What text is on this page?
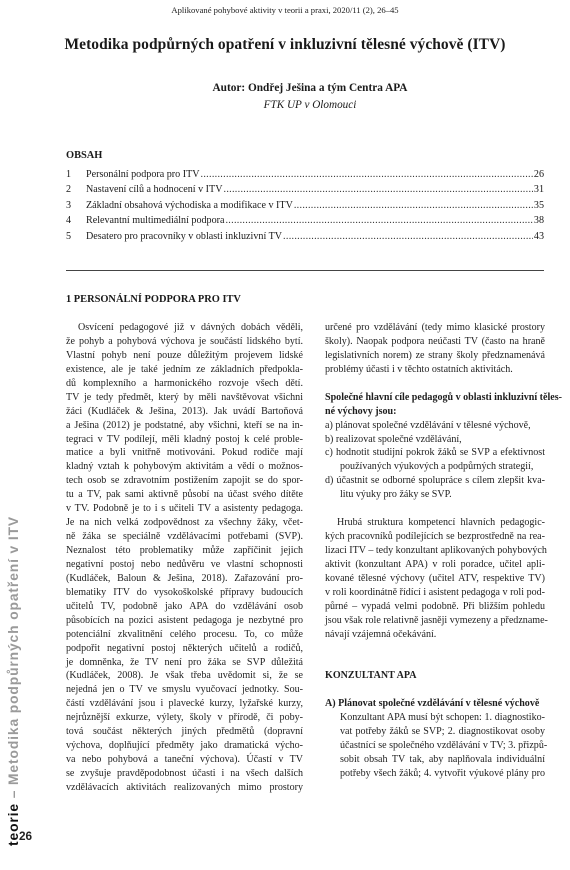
Aplikované pohybové aktivity v teorii a praxi, 2020/11 (2), 26–45
Metodika podpůrných opatření v inkluzivní tělesné výchově (ITV)
Autor: Ondřej Ješina a tým Centra APA
FTK UP v Olomouci
OBSAH
1	Personální podpora pro ITV .....	26
2	Nastavení cílů a hodnocení v ITV .....	31
3	Základní obsahová východiska a modifikace v ITV .....	35
4	Relevantní multimediální podpora .....	38
5	Desatero pro pracovníky v oblasti inkluzivní TV .....	43
1 PERSONÁLNÍ PODPORA PRO ITV
Osvícení pedagogové již v dávných dobách věděli,
že pohyb a pohybová výchova je součástí lidského bytí.
Vlastní pohyb není pouze důležitým projevem lidské
existence, ale je také jedním ze základních předpokla-
dů komplexního a harmonického rozvoje všech dětí.
TV je tedy předmět, který by měli navštěvovat všichni
žáci (Kudláček & Ješina, 2013). Jak uvádí Bartoňová
a Ješina (2012) je podstatné, aby všichni, kteří se na in-
tegraci v TV podílejí, měli kladný postoj k celé proble-
matice a byli vnitřně motivováni. Pokud rodiče mají
kladný vztah k pohybovým aktivitám a vědí o možnos-
tech osob se zdravotním postižením zapojit se do spor-
tu a TV, pak sami aktivně působí na účast svého dítěte
v TV. Podobně je to i s učiteli TV a asistenty pedagoga.
Je na nich velká zodpovědnost za všechny žáky, včet-
ně žáka se speciálně vzdělávacími potřebami (SVP).
Neznalost této problematiky může zapříčinit jejich
negativní postoj nebo nedůvěru ve vlastní schopnosti
(Kudláček, Baloun & Ješina, 2018). Zařazování pro-
blematiky ITV do vysokoškolské přípravy budoucích
učitelů TV, podobně jako APA do vzdělávání osob
působících na pozici asistent pedagoga je nezbytné pro
potenciální zkvalitnění celého procesu. To, co může
podpořit negativní postoj některých učitelů a rodičů,
je domněnka, že TV není pro žáka se SVP důležitá
(Kudláček, 2008). Je však třeba uvědomit si, že se
nejedná jen o TV ve smyslu vyučovací jednotky. Sou-
částí vzdělávání jsou i plavecké kurzy, lyžařské kurzy,
nejrůznější exkurze, výlety, školy v přírodě, či poby-
tová součást některých jiných předmětů (dopravní
výchova, doplňující předměty jako dramatická výcho-
va nebo pohybová a taneční výchova). Účastí v TV
se zvyšuje pravděpodobnost účasti i na všech dalších
vzdělávacích aktivitách realizovaných mimo prostory
určené pro vzdělávání (tedy mimo klasické prostory
školy). Naopak podpora neúčasti TV (často na hraně
legislativních norem) ze strany školy předznamenává
problémy účasti i v těchto ostatních aktivitách.
Společné hlavní cíle pedagogů v oblasti inkluzivní těles-
né výchovy jsou:
a) plánovat společné vzdělávání v tělesné výchově,
b) realizovat společné vzdělávání,
c) hodnotit studijní pokrok žáků se SVP a efektivnost
používaných výukových a podpůrných strategií,
d) účastnit se odborné spolupráce s cílem zlepšit kva-
litu výuky pro žáky se SVP.
Hrubá struktura kompetencí hlavních pedagogic-
kých pracovníků podílejících se bezprostředně na rea-
lizaci ITV – tedy konzultant aplikovaných pohybových
aktivit (konzultant APA) v roli poradce, učitel apli-
kované tělesné výchovy (učitel ATV, respektive TV)
v roli koordinátně řídící i asistent pedagoga v roli pod-
půrné – vypadá velmi podobně. Při bližším pohledu
jsou však role relativně jasněji vymezeny a předzname-
návají vzájemná očekávání.
KONZULTANT APA
A) Plánovat společné vzdělávání v tělesné výchově
Konzultant APA musí být schopen: 1. diagnostiko-
vat potřeby žáků se SVP; 2. diagnostikovat osoby
účastnící se společného vzdělávání v TV; 3. přizpů-
sobit obsah TV tak, aby naplňovala individuální
potřeby všech žáků; 4. vytvořit výukové plány pro
teorie – Metodika podpůrných opatření v ITV
26
